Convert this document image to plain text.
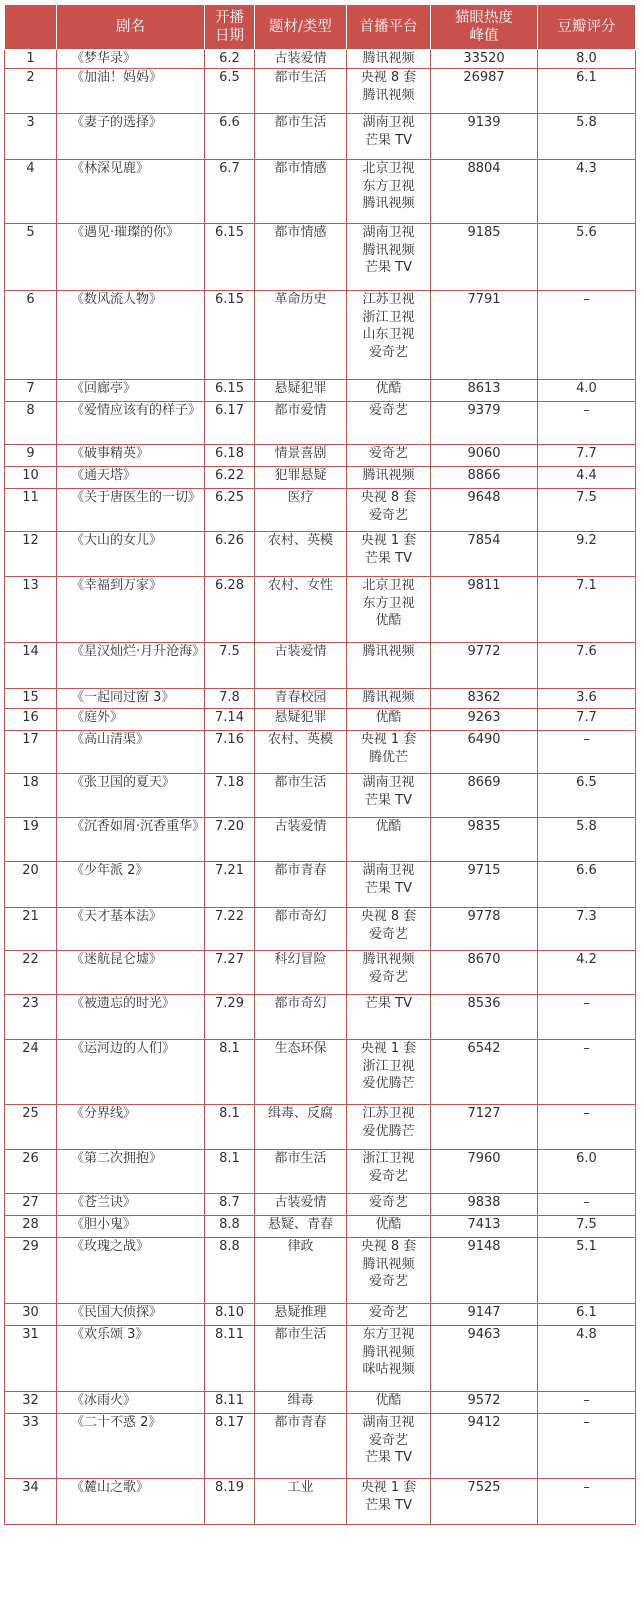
	剧名	开播日期	题材/类型	首播平台	猫眼热度峰值	豆瓣评分
1	《梦华录》	6.2	古装爱情	腾讯视频	33520	8.0
2	《加油！妈妈》	6.5	都市生活	央视 8 套
腾讯视频	26987	6.1
3	《妻子的选择》	6.6	都市生活	湖南卫视
芒果 TV	9139	5.8
4	《林深见鹿》	6.7	都市情感	北京卫视
东方卫视
腾讯视频	8804	4.3
5	《遇见·璀璨的你》	6.15	都市情感	湖南卫视
腾讯视频
芒果 TV	9185	5.6
6	《数风流人物》	6.15	革命历史	江苏卫视
浙江卫视
山东卫视
爱奇艺	7791	–
7	《回廊亭》	6.15	悬疑犯罪	优酷	8613	4.0
8	《爱情应该有的样子》	6.17	都市爱情	爱奇艺	9379	–
9	《破事精英》	6.18	情景喜剧	爱奇艺	9060	7.7
10	《通天塔》	6.22	犯罪悬疑	腾讯视频	8866	4.4
11	《关于唐医生的一切》	6.25	医疗	央视 8 套
爱奇艺	9648	7.5
12	《大山的女儿》	6.26	农村、英模	央视 1 套
芒果 TV	7854	9.2
13	《幸福到万家》	6.28	农村、女性	北京卫视
东方卫视
优酷	9811	7.1
14	《星汉灿烂·月升沧海》	7.5	古装爱情	腾讯视频	9772	7.6
15	《一起同过窗 3》	7.8	青春校园	腾讯视频	8362	3.6
16	《庭外》	7.14	悬疑犯罪	优酷	9263	7.7
17	《高山清渠》	7.16	农村、英模	央视 1 套
腾优芒	6490	–
18	《张卫国的夏天》	7.18	都市生活	湖南卫视
芒果 TV	8669	6.5
19	《沉香如屑·沉香重华》	7.20	古装爱情	优酷	9835	5.8
20	《少年派 2》	7.21	都市青春	湖南卫视
芒果 TV	9715	6.6
21	《天才基本法》	7.22	都市奇幻	央视 8 套
爱奇艺	9778	7.3
22	《迷航昆仑墟》	7.27	科幻冒险	腾讯视频
爱奇艺	8670	4.2
23	《被遗忘的时光》	7.29	都市奇幻	芒果 TV	8536	–
24	《运河边的人们》	8.1	生态环保	央视 1 套
浙江卫视
爱优腾芒	6542	–
25	《分界线》	8.1	缉毒、反腐	江苏卫视
爱优腾芒	7127	–
26	《第二次拥抱》	8.1	都市生活	浙江卫视
爱奇艺	7960	6.0
27	《苍兰诀》	8.7	古装爱情	爱奇艺	9838	–
28	《胆小鬼》	8.8	悬疑、青春	优酷	7413	7.5
29	《玫瑰之战》	8.8	律政	央视 8 套
腾讯视频
爱奇艺	9148	5.1
30	《民国大侦探》	8.10	悬疑推理	爱奇艺	9147	6.1
31	《欢乐颂 3》	8.11	都市生活	东方卫视
腾讯视频
咪咕视频	9463	4.8
32	《冰雨火》	8.11	缉毒	优酷	9572	–
33	《二十不惑 2》	8.17	都市青春	湖南卫视
爱奇艺
芒果 TV	9412	–
34	《麓山之歌》	8.19	工业	央视 1 套
芒果 TV	7525	–
